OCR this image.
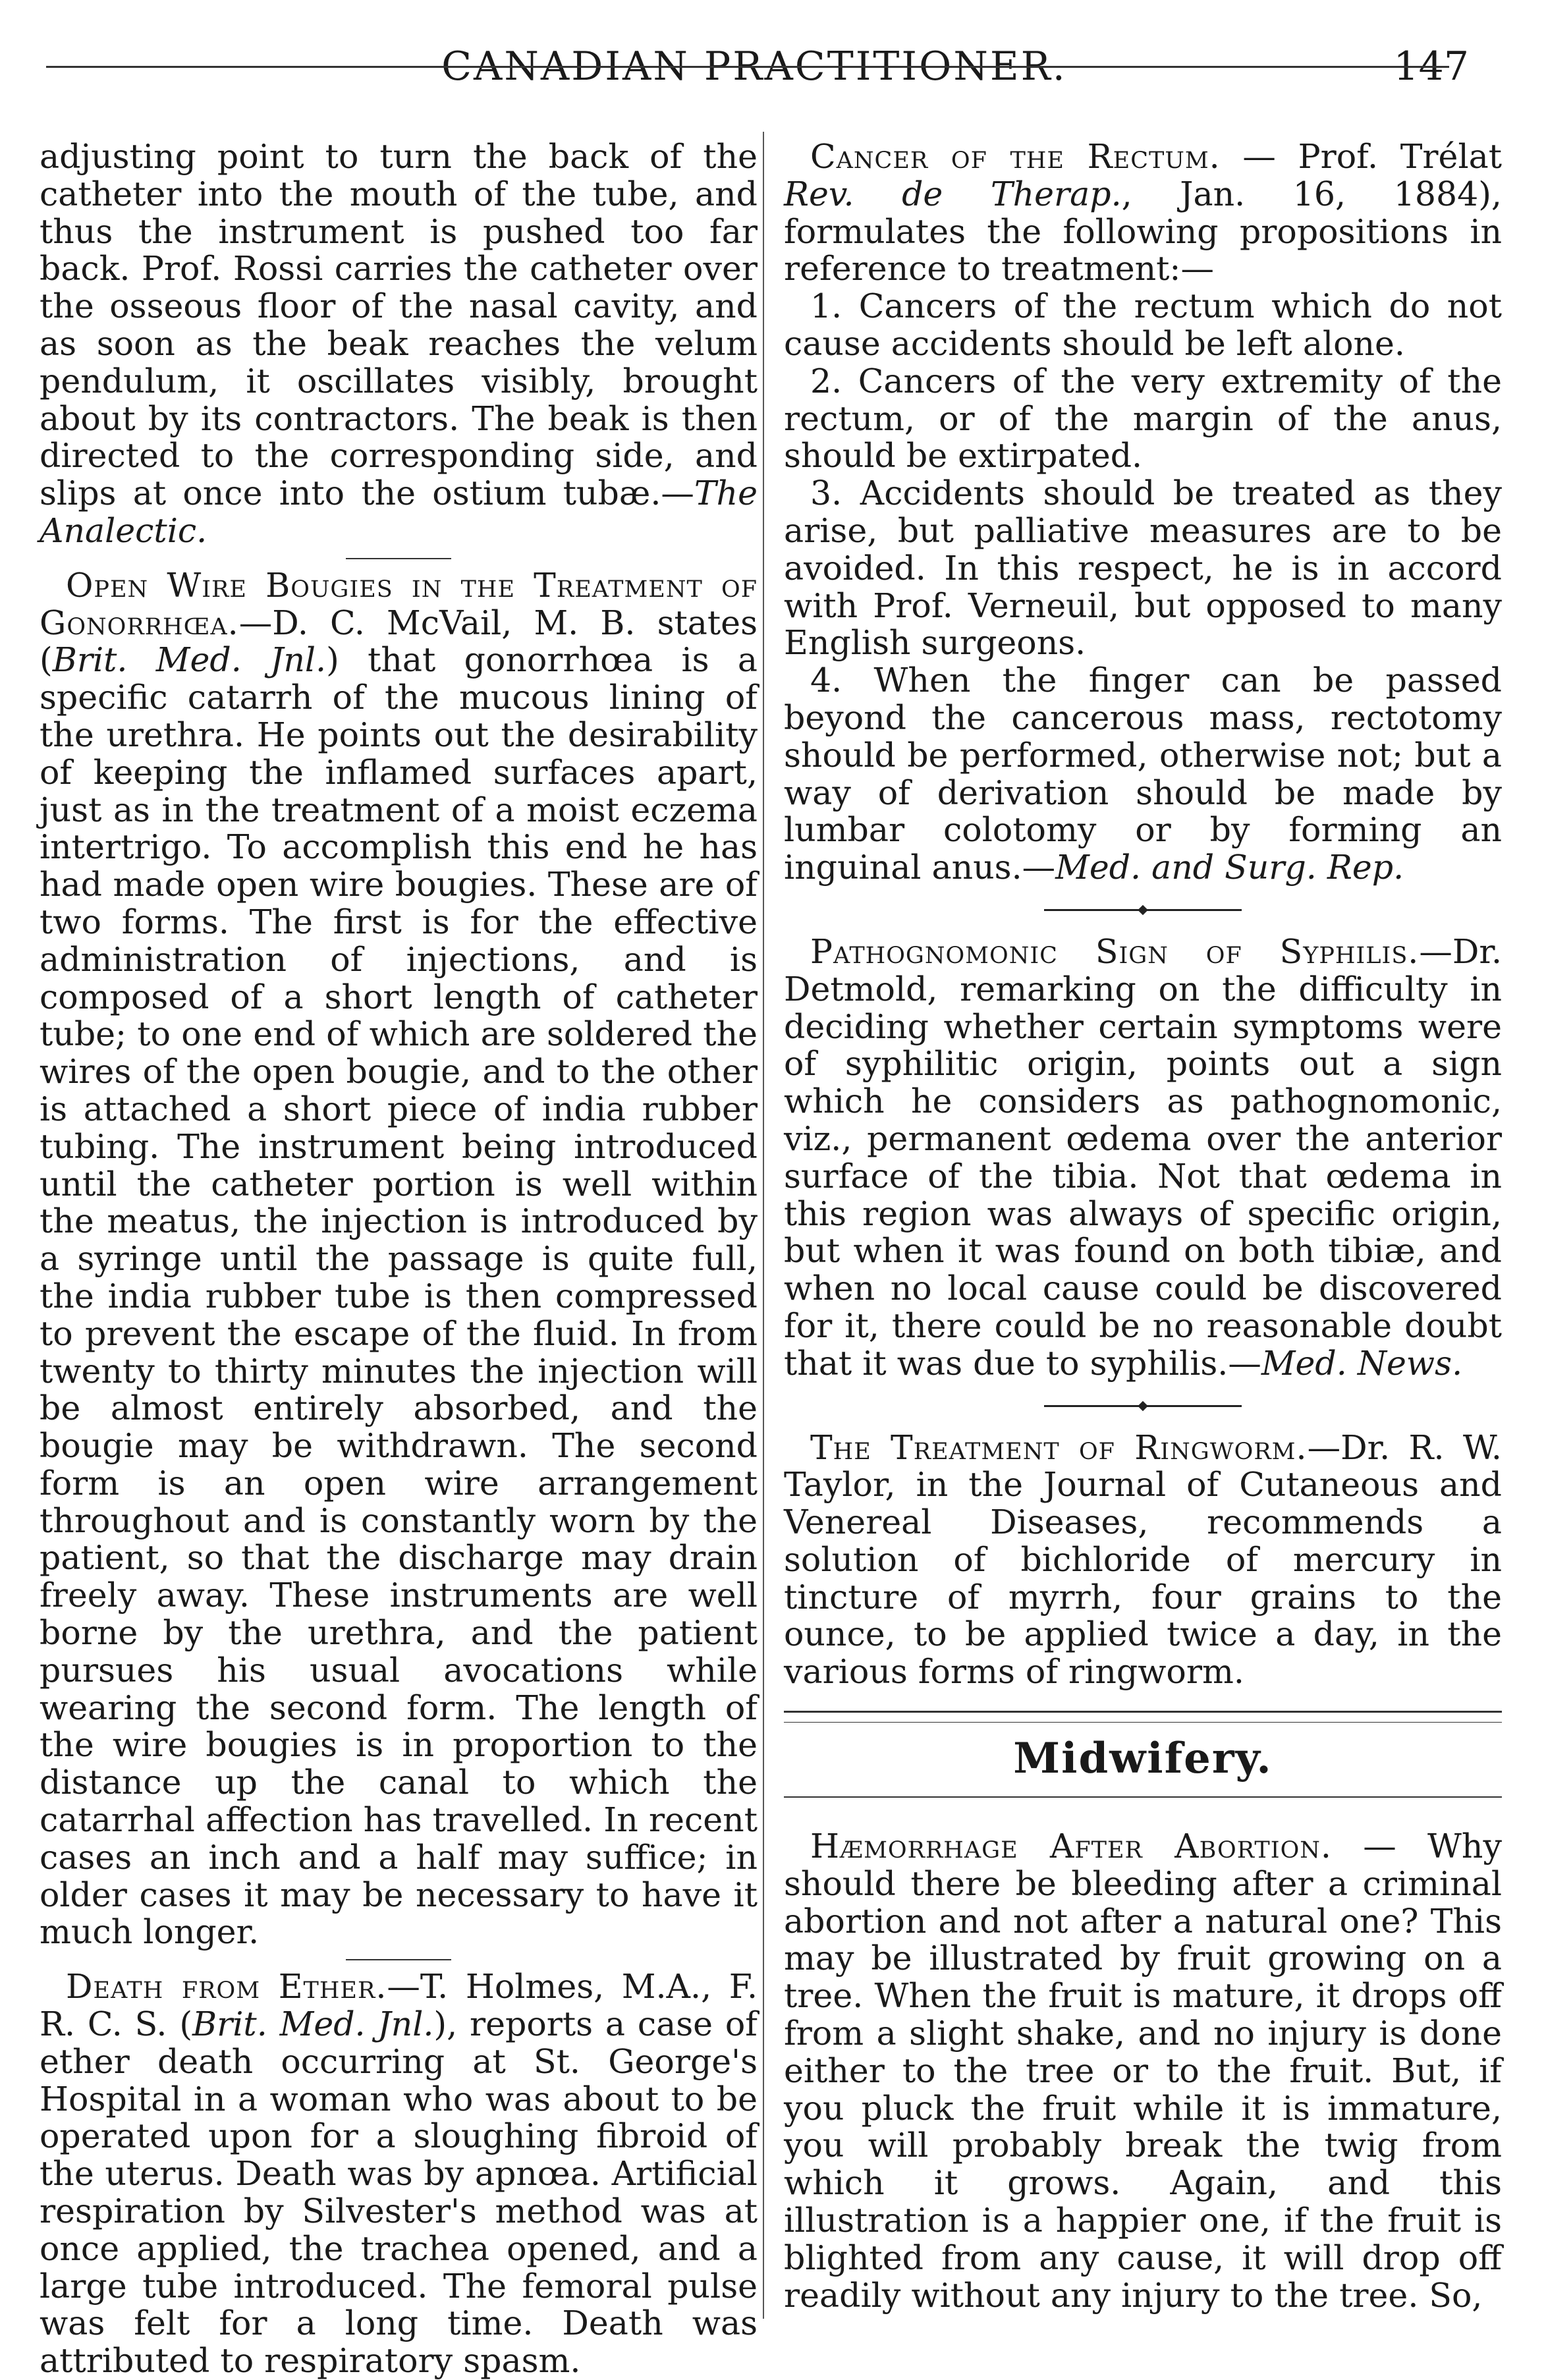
CANADIAN PRACTITIONER.	147

adjusting point to turn the back of the catheter into the mouth of the tube, and thus the instrument is pushed too far back. Prof. Rossi carries the catheter over the osseous floor of the nasal cavity, and as soon as the beak reaches the velum pendulum, it oscillates visibly, brought about by its contractors. The beak is then directed to the corresponding side, and slips at once into the ostium tubæ.—The Analectic.

Open Wire Bougies in the Treatment of Gonorrhœa.—D. C. McVail, M. B. states (Brit. Med. Jnl.) that gonorrhœa is a specific catarrh of the mucous lining of the urethra. He points out the desirability of keeping the inflamed surfaces apart, just as in the treatment of a moist eczema intertrigo. To accomplish this end he has had made open wire bougies. These are of two forms. The first is for the effective administration of injections, and is composed of a short length of catheter tube; to one end of which are soldered the wires of the open bougie, and to the other is attached a short piece of india rubber tubing. The instrument being introduced until the catheter portion is well within the meatus, the injection is introduced by a syringe until the passage is quite full, the india rubber tube is then compressed to prevent the escape of the fluid. In from twenty to thirty minutes the injection will be almost entirely absorbed, and the bougie may be withdrawn. The second form is an open wire arrangement throughout and is constantly worn by the patient, so that the discharge may drain freely away. These instruments are well borne by the urethra, and the patient pursues his usual avocations while wearing the second form. The length of the wire bougies is in proportion to the distance up the canal to which the catarrhal affection has travelled. In recent cases an inch and a half may suffice; in older cases it may be necessary to have it much longer.

Death from Ether.—T. Holmes, M.A., F. R. C. S. (Brit. Med. Jnl.), reports a case of ether death occurring at St. George's Hospital in a woman who was about to be operated upon for a sloughing fibroid of the uterus. Death was by apnœa. Artificial respiration by Silvester's method was at once applied, the trachea opened, and a large tube introduced. The femoral pulse was felt for a long time. Death was attributed to respiratory spasm.

Cancer of the Rectum. — Prof. Trélat Rev. de Therap., Jan. 16, 1884), formulates the following propositions in reference to treatment:—

1. Cancers of the rectum which do not cause accidents should be left alone.

2. Cancers of the very extremity of the rectum, or of the margin of the anus, should be extirpated.

3. Accidents should be treated as they arise, but palliative measures are to be avoided. In this respect, he is in accord with Prof. Verneuil, but opposed to many English surgeons.

4. When the finger can be passed beyond the cancerous mass, rectotomy should be performed, otherwise not; but a way of derivation should be made by lumbar colotomy or by forming an inguinal anus.—Med. and Surg. Rep.

Pathognomonic Sign of Syphilis.—Dr. Detmold, remarking on the difficulty in deciding whether certain symptoms were of syphilitic origin, points out a sign which he considers as pathognomonic, viz., permanent œdema over the anterior surface of the tibia. Not that œdema in this region was always of specific origin, but when it was found on both tibiæ, and when no local cause could be discovered for it, there could be no reasonable doubt that it was due to syphilis.—Med. News.

The Treatment of Ringworm.—Dr. R. W. Taylor, in the Journal of Cutaneous and Venereal Diseases, recommends a solution of bichloride of mercury in tincture of myrrh, four grains to the ounce, to be applied twice a day, in the various forms of ringworm.

Midwifery.

Hæmorrhage After Abortion. — Why should there be bleeding after a criminal abortion and not after a natural one? This may be illustrated by fruit growing on a tree. When the fruit is mature, it drops off from a slight shake, and no injury is done either to the tree or to the fruit. But, if you pluck the fruit while it is immature, you will probably break the twig from which it grows. Again, and this illustration is a happier one, if the fruit is blighted from any cause, it will drop off readily without any injury to the tree. So,
